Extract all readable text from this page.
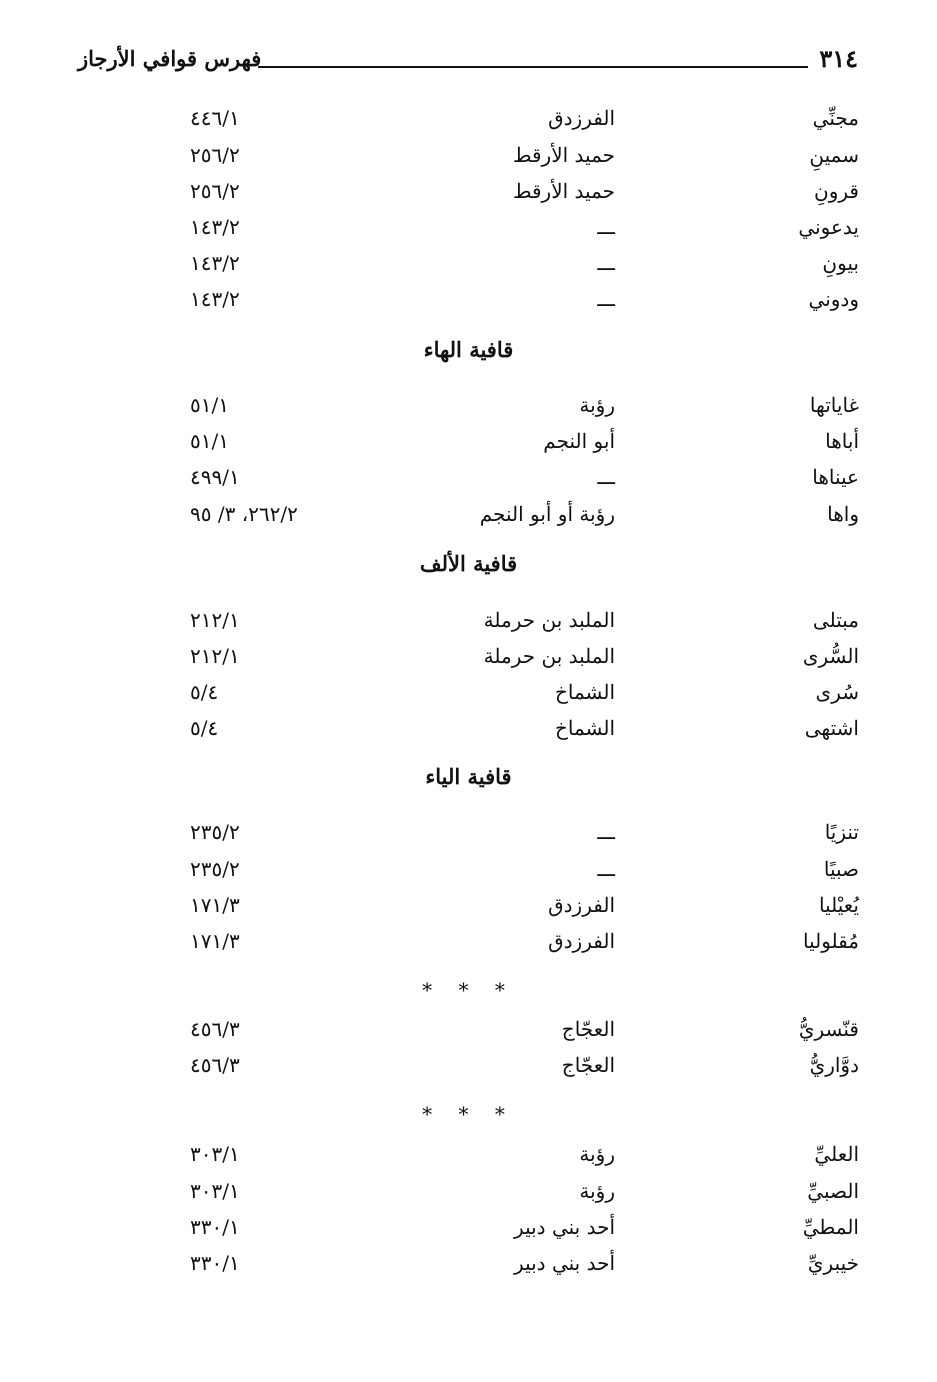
٣١٤
فهرس قوافي الأرجاز
مجنِّي
الفرزدق
٤٤٦/١
سمينِ
حميد الأرقط
٢٥٦/٢
قرونِ
حميد الأرقط
٢٥٦/٢
يدعوني
ـــ
١٤٣/٢
بيونِ
ـــ
١٤٣/٢
ودوني
ـــ
١٤٣/٢
قافية الهاء
غاياتها
رؤبة
٥١/١
أباها
أبو النجم
٥١/١
عيناها
ـــ
٤٩٩/١
واها
رؤبة أو أبو النجم
٢٦٢/٢، ٣/ ٩٥
قافية الألف
مبتلى
الملبد بن حرملة
٢١٢/١
السُّرى
الملبد بن حرملة
٢١٢/١
سُرى
الشماخ
٥/٤
اشتهى
الشماخ
٥/٤
قافية الياء
تنزيًا
ـــ
٢٣٥/٢
صبيًا
ـــ
٢٣٥/٢
يُعيْليا
الفرزدق
١٧١/٣
مُقلوليا
الفرزدق
١٧١/٣
* * *
قنّسريُّ
العجّاج
٤٥٦/٣
دوَّاريُّ
العجّاج
٤٥٦/٣
* * *
العليِّ
رؤبة
٣٠٣/١
الصبيِّ
رؤبة
٣٠٣/١
المطيِّ
أحد بني دبير
٣٣٠/١
خيبريِّ
أحد بني دبير
٣٣٠/١
